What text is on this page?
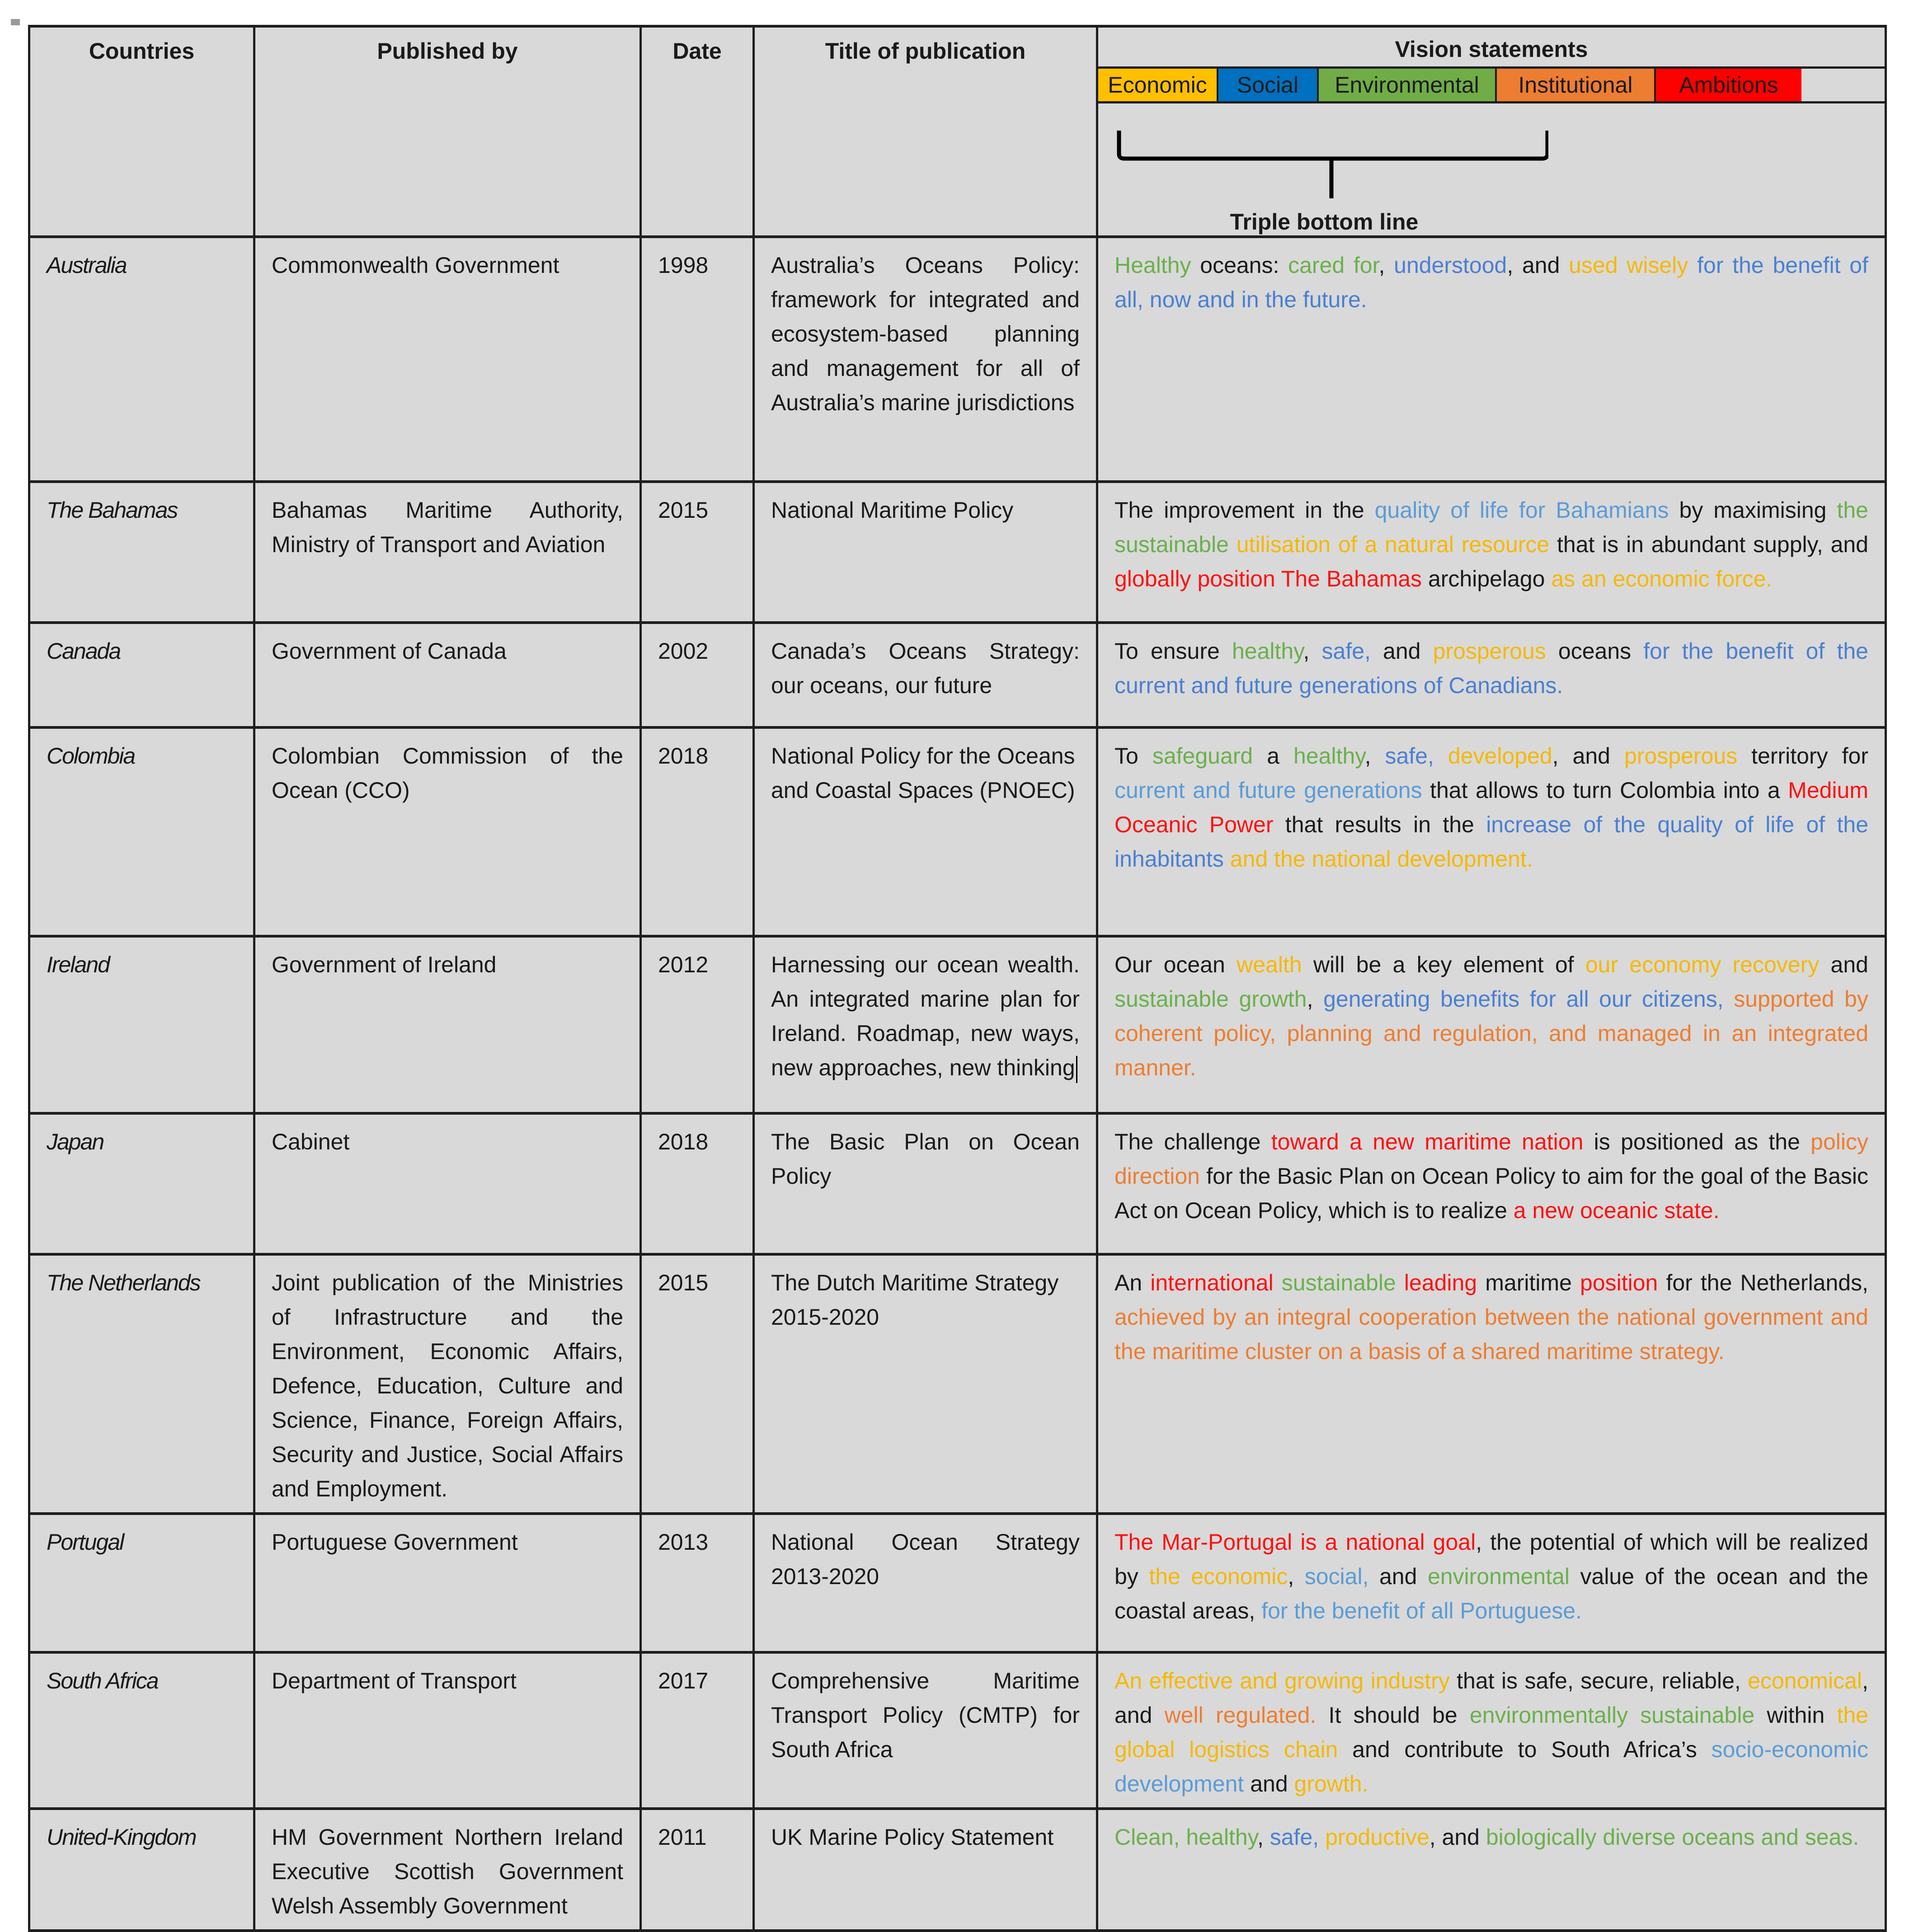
Countries	Published by	Date	Title of publication	Vision statements
Economic	Social	Environmental	Institutional	Ambitions
Triple bottom line

Australia	Commonwealth Government	1998	Australia’s Oceans Policy: framework for integrated and ecosystem-based planning and management for all of Australia’s marine jurisdictions	Healthy oceans: cared for, understood, and used wisely for the benefit of all, now and in the future.
The Bahamas	Bahamas Maritime Authority, Ministry of Transport and Aviation	2015	National Maritime Policy	The improvement in the quality of life for Bahamians by maximising the sustainable utilisation of a natural resource that is in abundant supply, and globally position The Bahamas archipelago as an economic force.
Canada	Government of Canada	2002	Canada’s Oceans Strategy: our oceans, our future	To ensure healthy, safe, and prosperous oceans for the benefit of the current and future generations of Canadians.
Colombia	Colombian Commission of the Ocean (CCO)	2018	National Policy for the Oceans and Coastal Spaces (PNOEC)	To safeguard a healthy, safe, developed, and prosperous territory for current and future generations that allows to turn Colombia into a Medium Oceanic Power that results in the increase of the quality of life of the inhabitants and the national development.
Ireland	Government of Ireland	2012	Harnessing our ocean wealth. An integrated marine plan for Ireland. Roadmap, new ways, new approaches, new thinking	Our ocean wealth will be a key element of our economy recovery and sustainable growth, generating benefits for all our citizens, supported by coherent policy, planning and regulation, and managed in an integrated manner.
Japan	Cabinet	2018	The Basic Plan on Ocean Policy	The challenge toward a new maritime nation is positioned as the policy direction for the Basic Plan on Ocean Policy to aim for the goal of the Basic Act on Ocean Policy, which is to realize a new oceanic state.
The Netherlands	Joint publication of the Ministries of Infrastructure and the Environment, Economic Affairs, Defence, Education, Culture and Science, Finance, Foreign Affairs, Security and Justice, Social Affairs and Employment.	2015	The Dutch Maritime Strategy 2015-2020	An international sustainable leading maritime position for the Netherlands, achieved by an integral cooperation between the national government and the maritime cluster on a basis of a shared maritime strategy.
Portugal	Portuguese Government	2013	National Ocean Strategy 2013-2020	The Mar-Portugal is a national goal, the potential of which will be realized by the economic, social, and environmental value of the ocean and the coastal areas, for the benefit of all Portuguese.
South Africa	Department of Transport	2017	Comprehensive Maritime Transport Policy (CMTP) for South Africa	An effective and growing industry that is safe, secure, reliable, economical, and well regulated. It should be environmentally sustainable within the global logistics chain and contribute to South Africa’s socio-economic development and growth.
United-Kingdom	HM Government Northern Ireland Executive Scottish Government Welsh Assembly Government	2011	UK Marine Policy Statement	Clean, healthy, safe, productive, and biologically diverse oceans and seas.
